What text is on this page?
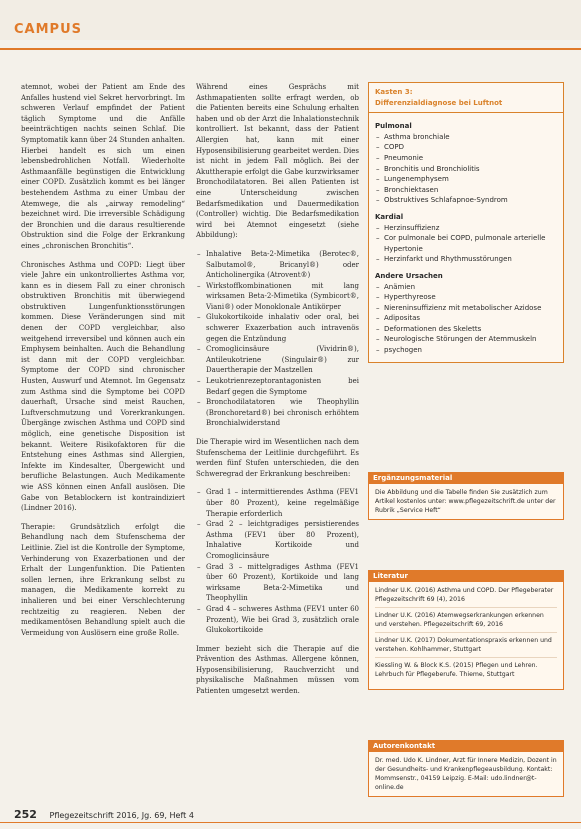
CAMPUS

atemnot, wobei der Patient am Ende des Anfalles hustend viel Sekret hervorbringt. Im schweren Verlauf empfindet der Patient täglich Symptome und die Anfälle beeinträchtigen nachts seinen Schlaf. Die Symptomatik kann über 24 Stunden anhalten. Hierbei handelt es sich um einen lebensbedrohlichen Notfall. Wiederholte Asthmaanfälle begünstigen die Entwicklung einer COPD. Zusätzlich kommt es bei länger bestehendem Asthma zu einer Umbau der Atemwege, die als „airway remodeling“ bezeichnet wird. Die irreversible Schädigung der Bronchien und die daraus resultierende Obstruktion sind die Folge der Erkrankung eines „chronischen Bronchitis“.

Chronisches Asthma und COPD: Liegt über viele Jahre ein unkontrolliertes Asthma vor, kann es in diesem Fall zu einer chronisch obstruktiven Bronchitis mit überwiegend obstruktiven Lungenfunktionsstörungen kommen. Diese Veränderungen sind mit denen der COPD vergleichbar, also weitgehend irreversibel und können auch ein Emphysem beinhalten. Auch die Behandlung ist dann mit der COPD vergleichbar. Symptome der COPD sind chronischer Husten, Auswurf und Atemnot. Im Gegensatz zum Asthma sind die Symptome bei COPD dauerhaft, Ursache sind meist Rauchen, Luftverschmutzung und Vorerkrankungen. Übergänge zwischen Asthma und COPD sind möglich, eine genetische Disposition ist bekannt. Weitere Risikofaktoren für die Entstehung eines Asthmas sind Allergien, Infekte im Kindesalter, Übergewicht und berufliche Belastungen. Auch Medikamente wie ASS können einen Anfall auslösen. Die Gabe von Betablockern ist kontraindiziert (Lindner 2016).

Therapie: Grundsätzlich erfolgt die Behandlung nach dem Stufenschema der Leitlinie. Ziel ist die Kontrolle der Symptome, Verhinderung von Exazerbationen und der Erhalt der Lungenfunktion. Die Patienten sollen lernen, ihre Erkrankung selbst zu managen, die Medikamente korrekt zu inhalieren und bei einer Verschlechterung rechtzeitig zu reagieren. Neben der medikamentösen Behandlung spielt auch die Vermeidung von Auslösern eine große Rolle.

Während eines Gesprächs mit Asthmapatienten sollte erfragt werden, ob die Patienten bereits eine Schulung erhalten haben und ob der Arzt die Inhalationstechnik kontrolliert. Ist bekannt, dass der Patient Allergien hat, kann mit einer Hyposensibilisierung gearbeitet werden. Dies ist nicht in jedem Fall möglich. Bei der Akuttherapie erfolgt die Gabe kurzwirksamer Bronchodilatatoren. Bei allen Patienten ist eine Unterscheidung zwischen Bedarfsmedikation und Dauermedikation (Controller) wichtig. Die Bedarfsmedikation wird bei Atemnot eingesetzt (siehe Abbildung):

– Inhalative Beta-2-Mimetika (Berotec®, Salbutamol®, Bricanyl®) oder Anticholinergika (Atrovent®)
– Wirkstoffkombinationen mit lang wirksamen Beta-2-Mimetika (Symbicort®, Viani®) oder Monoklonale Antikörper
– Glukokortikoide inhalativ oder oral, bei schwerer Exazerbation auch intravenös gegen die Entzündung
– Cromoglicinsäure (Vividrin®), Antileukotriene (Singulair®) zur Dauertherapie der Mastzellen
– Leukotrienrezeptorantagonisten bei Bedarf gegen die Symptome
– Bronchodilatatoren wie Theophyllin (Bronchoretard®) bei chronisch erhöhtem Bronchialwiderstand

Die Therapie wird im Wesentlichen nach dem Stufenschema der Leitlinie durchgeführt. Es werden fünf Stufen unterschieden, die den Schweregrad der Erkrankung beschreiben:

– Grad 1 – intermittierendes Asthma (FEV1 über 80 Prozent), keine regelmäßige Therapie erforderlich
– Grad 2 – leichtgradiges persistierendes Asthma (FEV1 über 80 Prozent), Inhalative Kortikoide und Cromoglicinsäure
– Grad 3 – mittelgradiges Asthma (FEV1 über 60 Prozent), Kortikoide und lang wirksame Beta-2-Mimetika und Theophyllin
– Grad 4 – schweres Asthma (FEV1 unter 60 Prozent), Wie bei Grad 3, zusätzlich orale Glukokortikoide

Immer bezieht sich die Therapie auf die Prävention des Asthmas. Allergene können, Hyposensibilisierung, Rauchverzicht und physikalische Maßnahmen müssen vom Patienten umgesetzt werden.

Kasten 3:
Differenzialdiagnose bei Luftnot
Pulmonal
– Asthma bronchiale
– COPD
– Pneumonie
– Bronchitis und Bronchiolitis
– Lungenemphysem
– Bronchiektasen
– Obstruktives Schlafapnoe-Syndrom
Kardial
– Herzinsuffizienz
– Cor pulmonale bei COPD, pulmonale arterielle Hypertonie
– Herzinfarkt und Rhythmusstörungen
Andere Ursachen
– Anämien
– Hyperthyreose
– Niereninsuffizienz mit metabolischer Azidose
– Adipositas
– Deformationen des Skeletts
– Neurologische Störungen der Atemmuskeln
– psychogen
Ergänzungsmaterial
Die Abbildung und die Tabelle finden Sie zusätzlich zum Artikel kostenlos unter: www.pflegezeitschrift.de unter der Rubrik „Service Heft“
Literatur

Lindner U.K. (2016) Asthma und COPD. Der Pflegeberater Pflegezeitschrift 69 (4), 2016

Lindner U.K. (2016) Atemwegserkrankungen erkennen und verstehen. Pflegezeitschrift 69, 2016

Lindner U.K. (2017) Dokumentationspraxis erkennen und verstehen. Kohlhammer, Stuttgart

Kiessling W. & Block K.S. (2015) Pflegen und Lehren. Lehrbuch für Pflegeberufe. Thieme, Stuttgart

Autorenkontakt
Dr. med. Udo K. Lindner, Arzt für Innere Medizin, Dozent in der Gesundheits- und Krankenpflegeausbildung. Kontakt: Mommsenstr., 04159 Leipzig. E-Mail: udo.lindner@t-online.de
252 Pflegezeitschrift 2016, Jg. 69, Heft 4
